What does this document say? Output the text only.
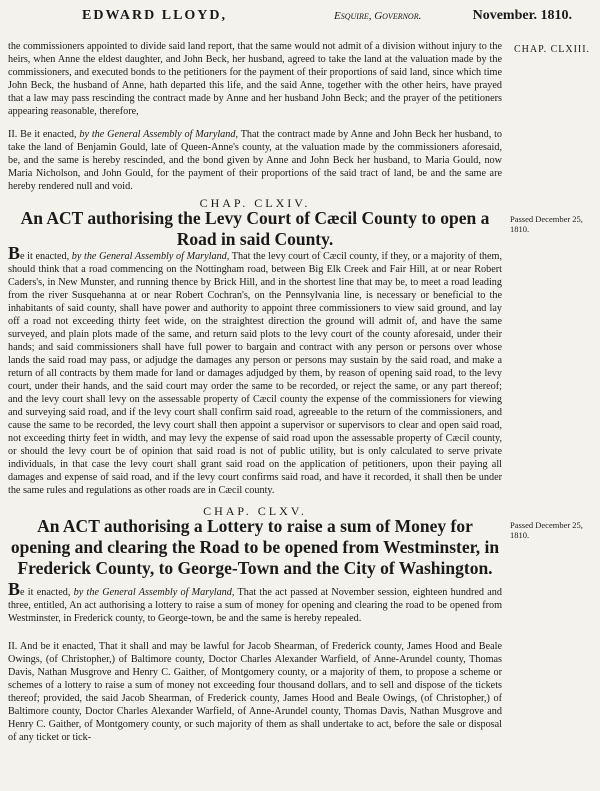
EDWARD LLOYD,	Esquire, Governor.	November. 1810.
CHAP. CLXIII.

the commissioners appointed to divide said land report, that the same would not admit of a division without injury to the heirs, when Anne the eldest daughter, and John Beck, her husband, agreed to take the land at the valuation made by the commissioners, and executed bonds to the petitioners for the payment of their proportions of said land, since which time John Beck, the husband of Anne, hath departed this life, and the said Anne, together with the other heirs, have prayed that a law may pass rescinding the contract made by Anne and her husband John Beck; and the prayer of the petitioners appearing reasonable, therefore,

II. Be it enacted, by the General Assembly of Maryland, That the contract made by Anne and John Beck her husband, to take the land of Benjamin Gould, late of Queen-Anne's county, at the valuation made by the commissioners aforesaid, be, and the same is hereby rescinded, and the bond given by Anne and John Beck her husband, to Maria Gould, now Maria Nicholson, and John Gould, for the payment of their proportions of the said tract of land, be and the same are hereby rendered null and void.

CHAP. CLXIV.
An ACT authorising the Levy Court of Cæcil County to open a Road in said County.
Passed December 25, 1810.

Be it enacted, by the General Assembly of Maryland, That the levy court of Cæcil county, if they, or a majority of them, should think that a road commencing on the Nottingham road, between Big Elk Creek and Fair Hill, at or near Robert Caders's, in New Munster, and running thence by Brick Hill, and in the shortest line that may be, to meet a road leading from the river Susquehanna at or near Robert Cochran's, on the Pennsylvania line, is necessary or beneficial to the inhabitants of said county, shall have power and authority to appoint three commissioners to view said ground, and lay off a road not exceeding thirty feet wide, on the straightest direction the ground will admit of, and have the same surveyed, and plain plots made of the same, and return said plots to the levy court of the county aforesaid, under their hands; and said commissioners shall have full power to bargain and contract with any person or persons over whose lands the said road may pass, or adjudge the damages any person or persons may sustain by the said road, and make a return of all contracts by them made for land or damages adjudged by them, by reason of opening said road, to the levy court, under their hands, and the said court may order the same to be recorded, or reject the same, or any part thereof; and the levy court shall levy on the assessable property of Cæcil county the expense of the commissioners for viewing and surveying said road, and if the levy court shall confirm said road, agreeable to the return of the commissioners, and cause the same to be recorded, the levy court shall then appoint a supervisor or supervisors to clear and open said road, not exceeding thirty feet in width, and may levy the expense of said road upon the assessable property of Cæcil county, or should the levy court be of opinion that said road is not of public utility, but is only calculated to serve private individuals, in that case the levy court shall grant said road on the application of petitioners, upon their paying all damages and expense of said road, and if the levy court confirms said road, and have it recorded, it shall then be under the same rules and regulations as other roads are in Cæcil county.

CHAP. CLXV.
An ACT authorising a Lottery to raise a sum of Money for opening and clearing the Road to be opened from Westminster, in Frederick County, to George-Town and the City of Washington.
Passed December 25, 1810.

Be it enacted, by the General Assembly of Maryland, That the act passed at November session, eighteen hundred and three, entitled, An act authorising a lottery to raise a sum of money for opening and clearing the road to be opened from Westminster, in Frederick county, to George-town, be and the same is hereby repealed.

II. And be it enacted, That it shall and may be lawful for Jacob Shearman, of Frederick county, James Hood and Beale Owings, (of Christopher,) of Baltimore county, Doctor Charles Alexander Warfield, of Anne-Arundel county, Thomas Davis, Nathan Musgrove and Henry C. Gaither, of Montgomery county, or a majority of them, to propose a scheme or schemes of a lottery to raise a sum of money not exceeding four thousand dollars, and to sell and dispose of the tickets thereof; provided, the said Jacob Shearman, of Frederick county, James Hood and Beale Owings, (of Christopher,) of Baltimore county, Doctor Charles Alexander Warfield, of Anne-Arundel county, Thomas Davis, Nathan Musgrove and Henry C. Gaither, of Montgomery county, or such majority of them as shall undertake to act, before the sale or disposal of any ticket or tick-
